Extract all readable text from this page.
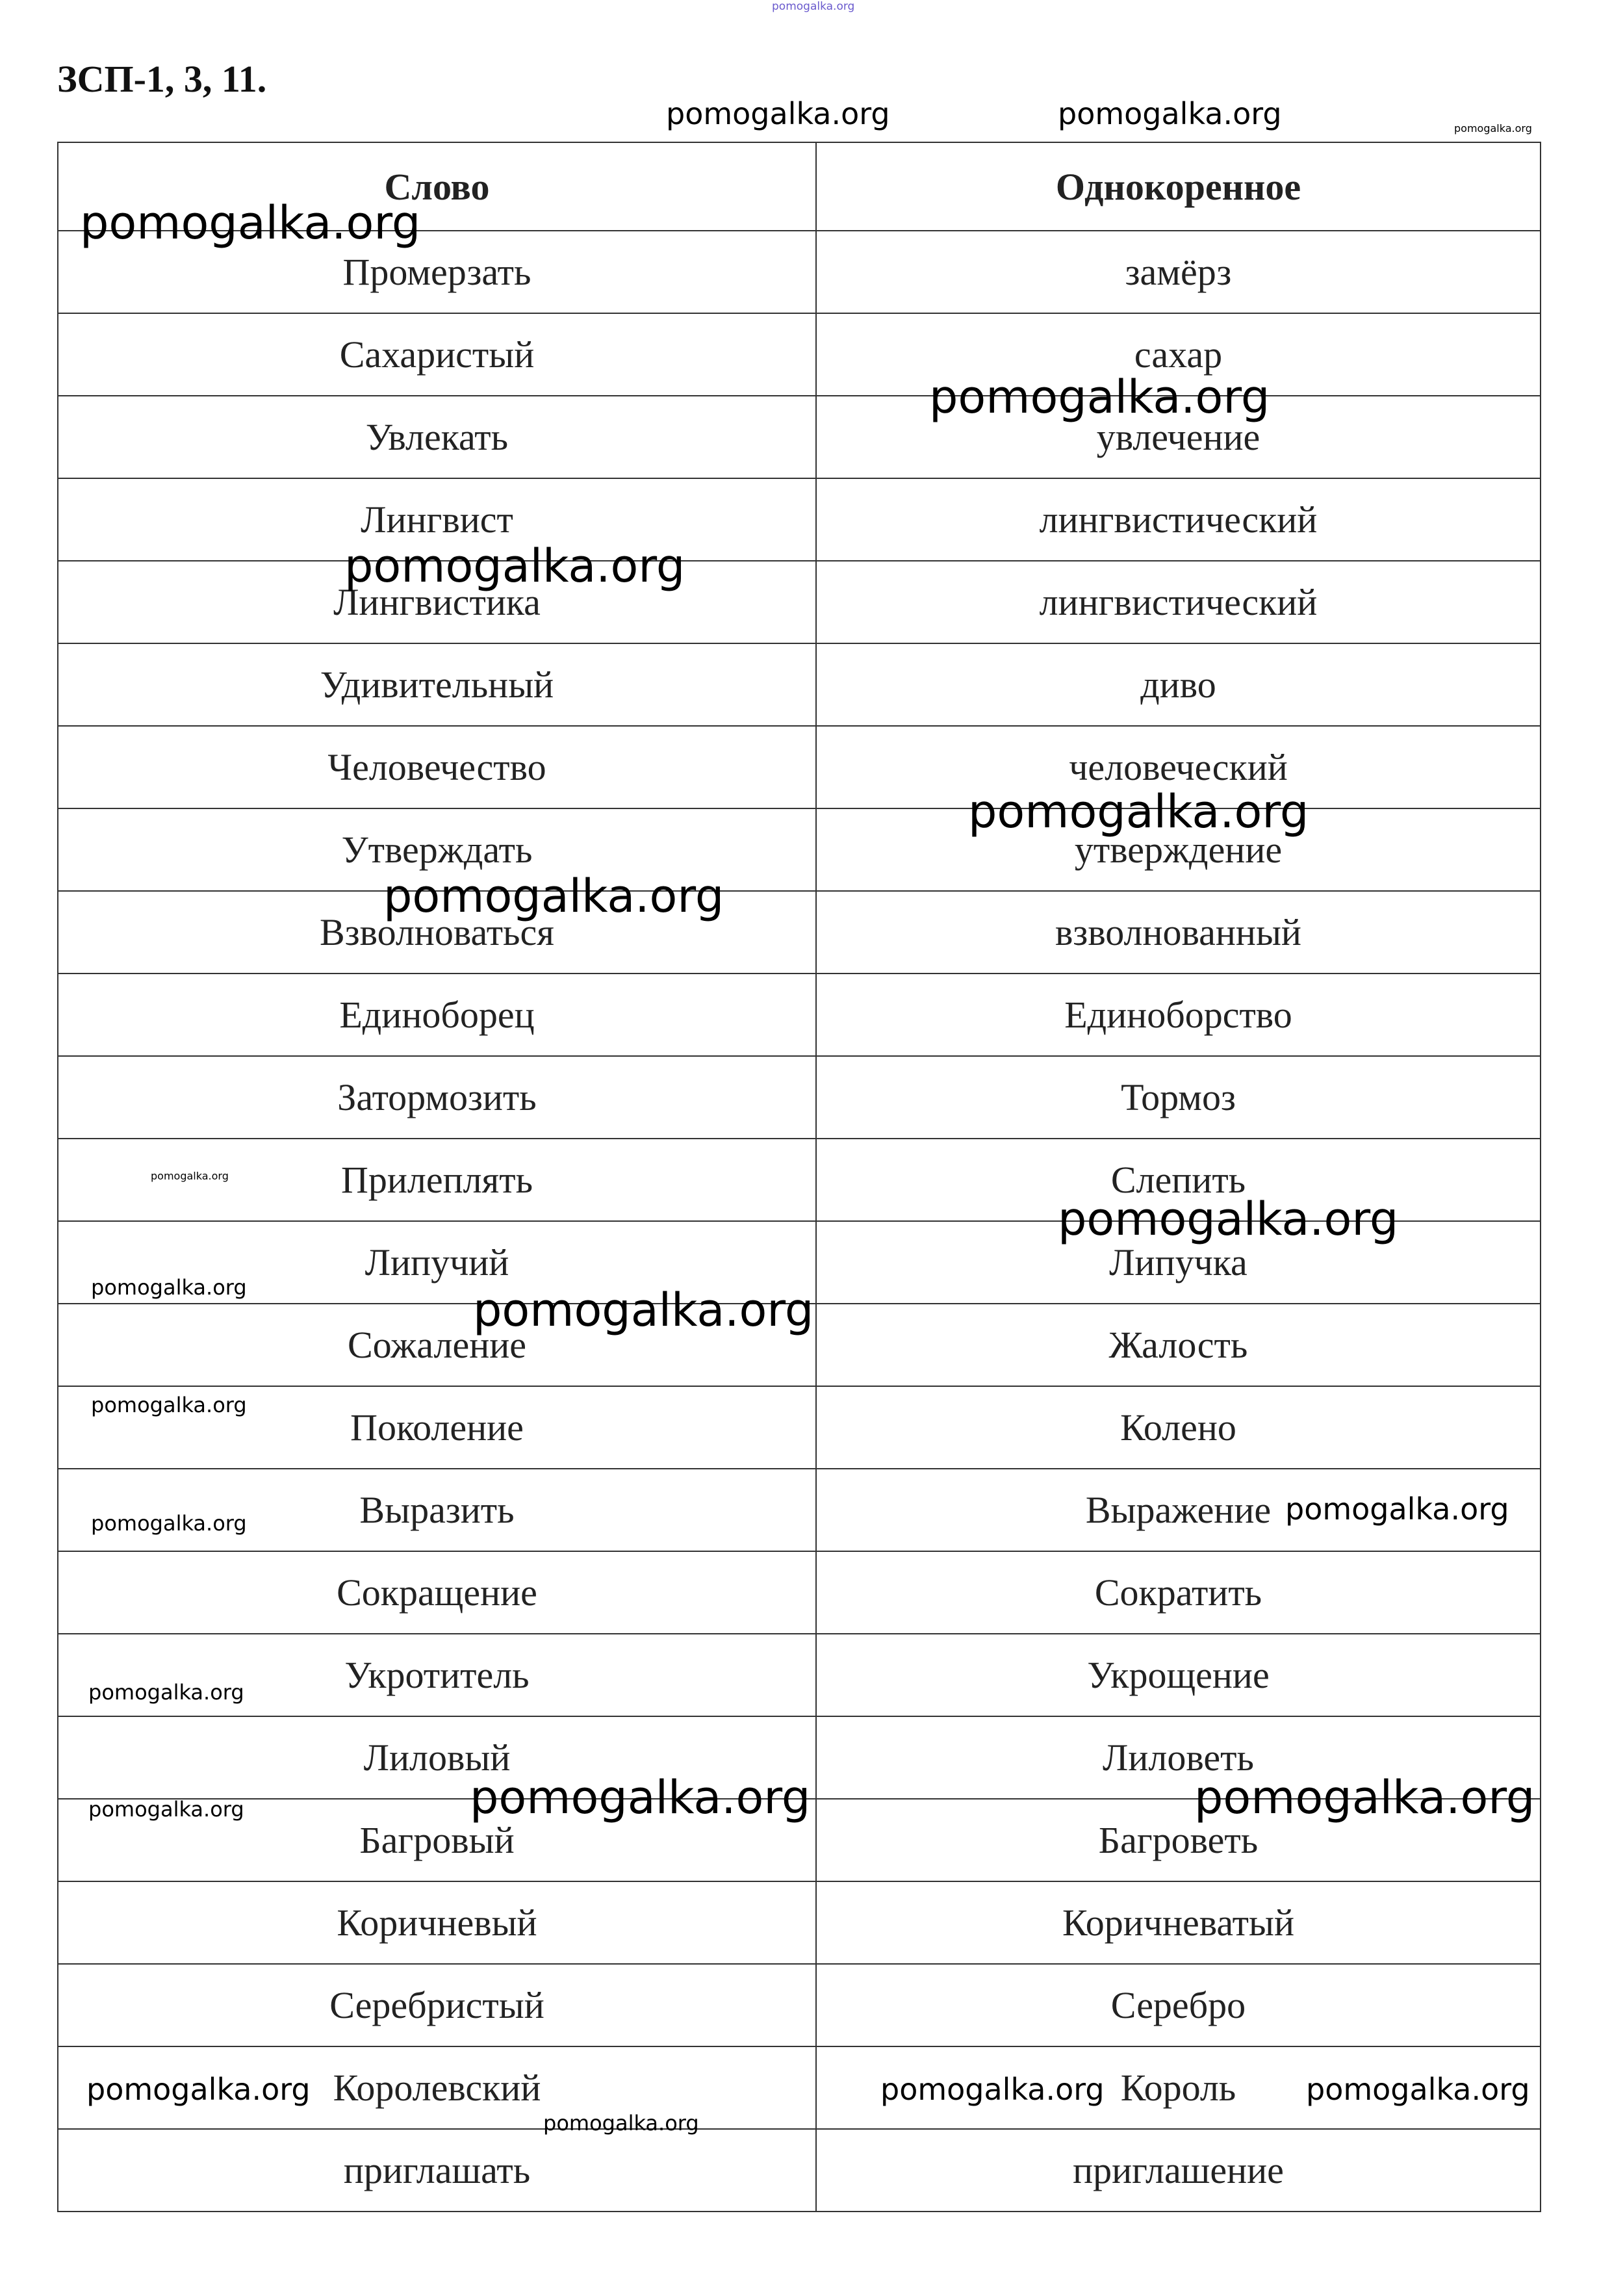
ЗСП-1, 3, 11.
Слово	Однокоренное
Промерзать	замёрз
Сахаристый	сахар
Увлекать	увлечение
Лингвист	лингвистический
Лингвистика	лингвистический
Удивительный	диво
Человечество	человеческий
Утверждать	утверждение
Взволноваться	взволнованный
Единоборец	Единоборство
Затормозить	Тормоз
Прилеплять	Слепить
Липучий	Липучка
Сожаление	Жалость
Поколение	Колено
Выразить	Выражение
Сокращение	Сократить
Укротитель	Укрощение
Лиловый	Лиловеть
Багровый	Багроветь
Коричневый	Коричневатый
Серебристый	Серебро
Королевский	Король
приглашать	приглашение
pomogalka.org
pomogalka.org	pomogalka.org	pomogalka.org
pomogalka.org
pomogalka.org
pomogalka.org
pomogalka.org
pomogalka.org
pomogalka.org
pomogalka.org
pomogalka.org	pomogalka.org
pomogalka.org
pomogalka.org
pomogalka.org
pomogalka.org
pomogalka.org	pomogalka.org
pomogalka.org
pomogalka.org	pomogalka.org	pomogalka.org
pomogalka.org
